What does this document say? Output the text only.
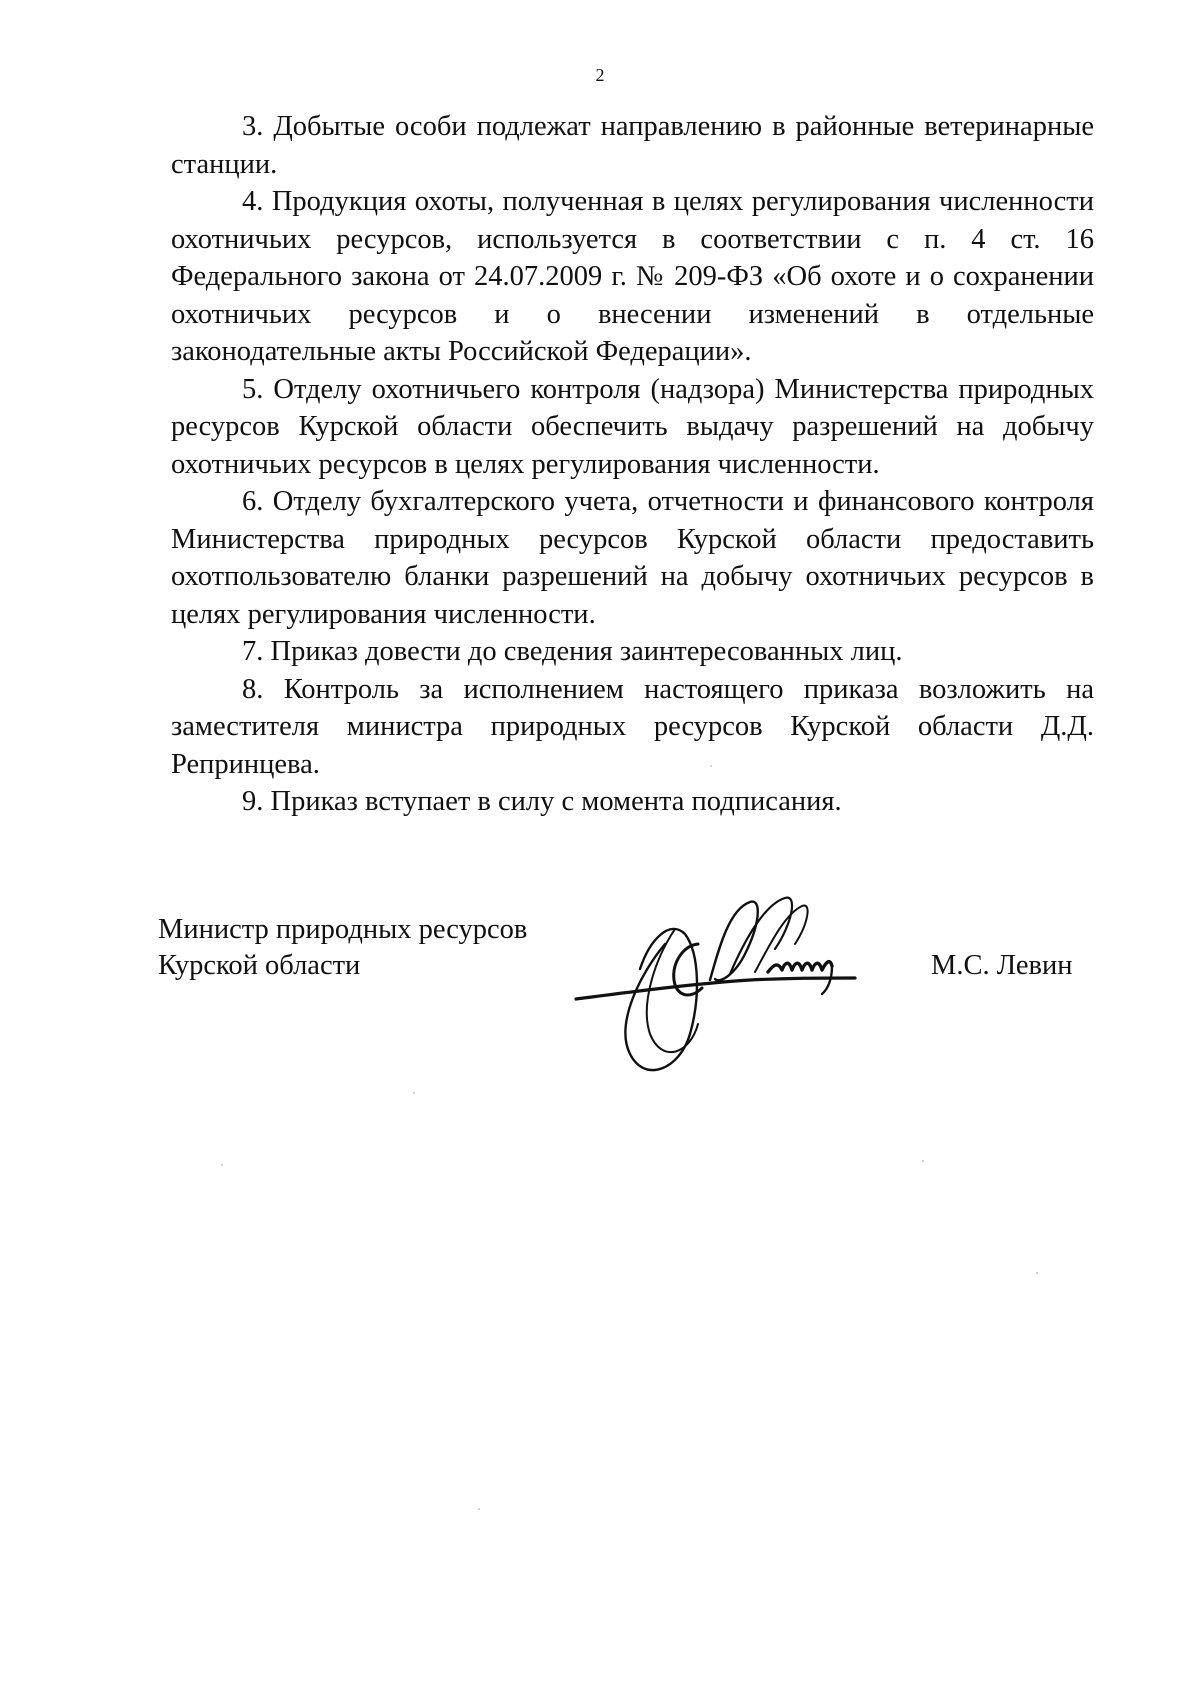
2

3. Добытые особи подлежат направлению в районные ветеринарные станции.

4. Продукция охоты, полученная в целях регулирования численности охотничьих ресурсов, используется в соответствии с п. 4 ст. 16 Федерального закона от 24.07.2009 г. № 209-ФЗ «Об охоте и о сохранении охотничьих ресурсов и о внесении изменений в отдельные законодательные акты Российской Федерации».

5. Отделу охотничьего контроля (надзора) Министерства природных ресурсов Курской области обеспечить выдачу разрешений на добычу охотничьих ресурсов в целях регулирования численности.

6. Отделу бухгалтерского учета, отчетности и финансового контроля Министерства природных ресурсов Курской области предоставить охотпользователю бланки разрешений на добычу охотничьих ресурсов в целях регулирования численности.

7. Приказ довести до сведения заинтересованных лиц.

8. Контроль за исполнением настоящего приказа возложить на заместителя министра природных ресурсов Курской области Д.Д. Репринцева.

9. Приказ вступает в силу с момента подписания.

Министр природных ресурсов
Курской области	М.С. Левин
